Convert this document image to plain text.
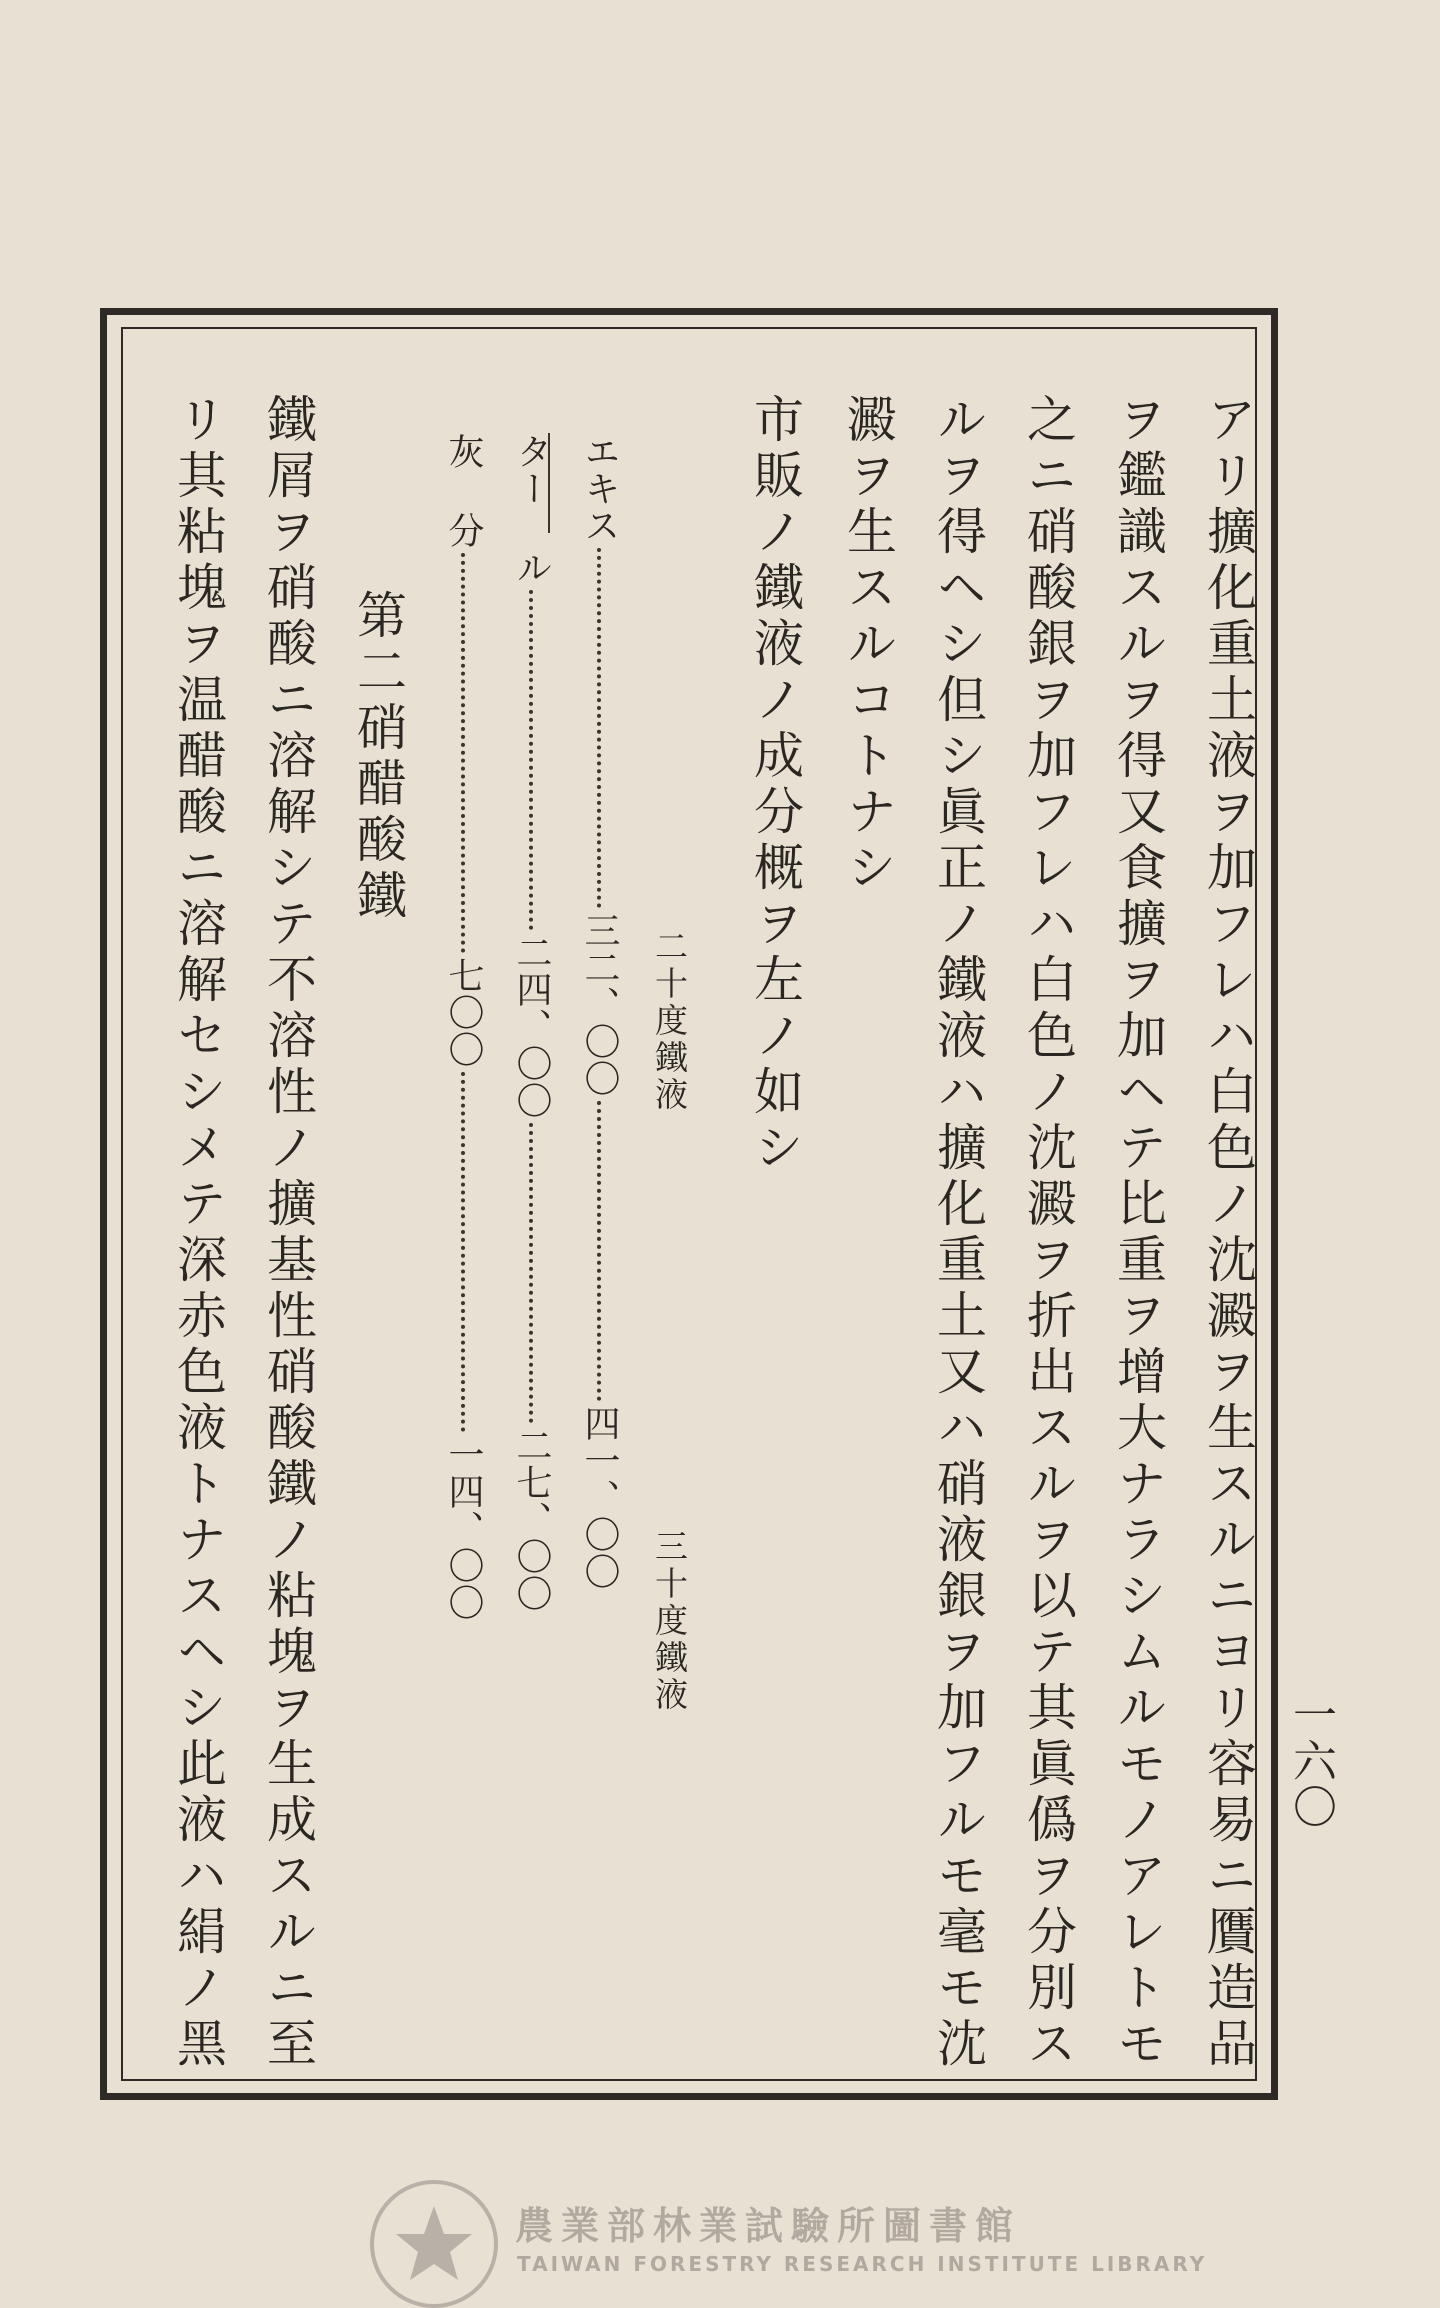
アリ擴化重土液ヲ加フレハ白色ノ沈澱ヲ生スルニヨリ容易ニ贋造品
ヲ鑑識スルヲ得又食擴ヲ加ヘテ比重ヲ增大ナラシムルモノアレトモ
之ニ硝酸銀ヲ加フレハ白色ノ沈澱ヲ折出スルヲ以テ其眞僞ヲ分別ス
ルヲ得ヘシ但シ眞正ノ鐵液ハ擴化重土又ハ硝液銀ヲ加フルモ毫モ沈
澱ヲ生スルコトナシ
市販ノ鐵液ノ成分概ヲ左ノ如シ
二十度鐵液
三十度鐵液
エキス三二、〇〇四一、〇〇
ター ル二四、〇〇二七、〇〇
灰 分七〇〇一四、〇〇
第二硝醋酸鐵
鐵屑ヲ硝酸ニ溶解シテ不溶性ノ擴基性硝酸鐵ノ粘塊ヲ生成スルニ至
リ其粘塊ヲ温醋酸ニ溶解セシメテ深赤色液トナスヘシ此液ハ絹ノ黑	一六〇
農業部林業試驗所圖書館
TAIWAN FORESTRY RESEARCH INSTITUTE LIBRARY
